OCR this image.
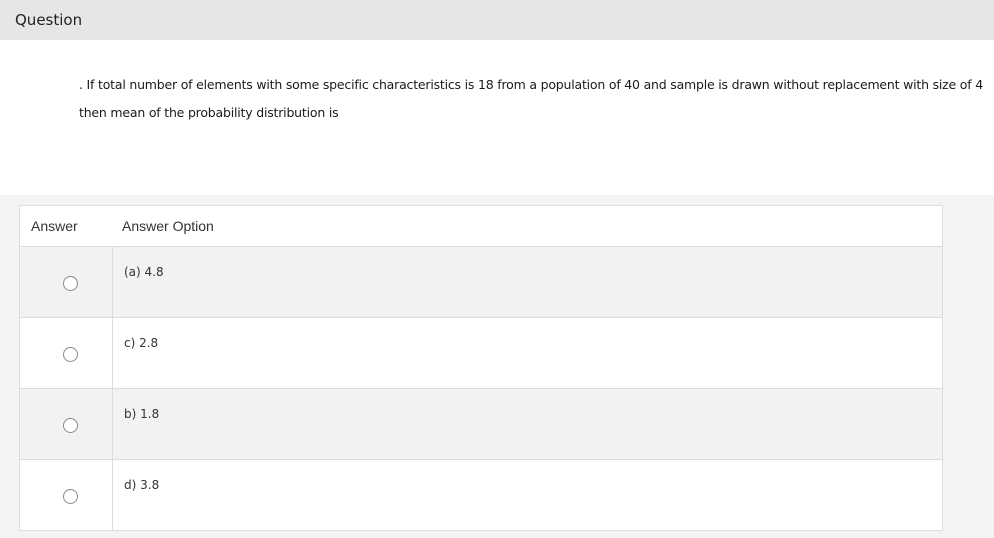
Question
. If total number of elements with some specific characteristics is 18 from a population of 40 and sample is drawn without replacement with size of 4
then mean of the probability distribution is
Answer	Answer Option
(a) 4.8
c) 2.8
b) 1.8
d) 3.8
